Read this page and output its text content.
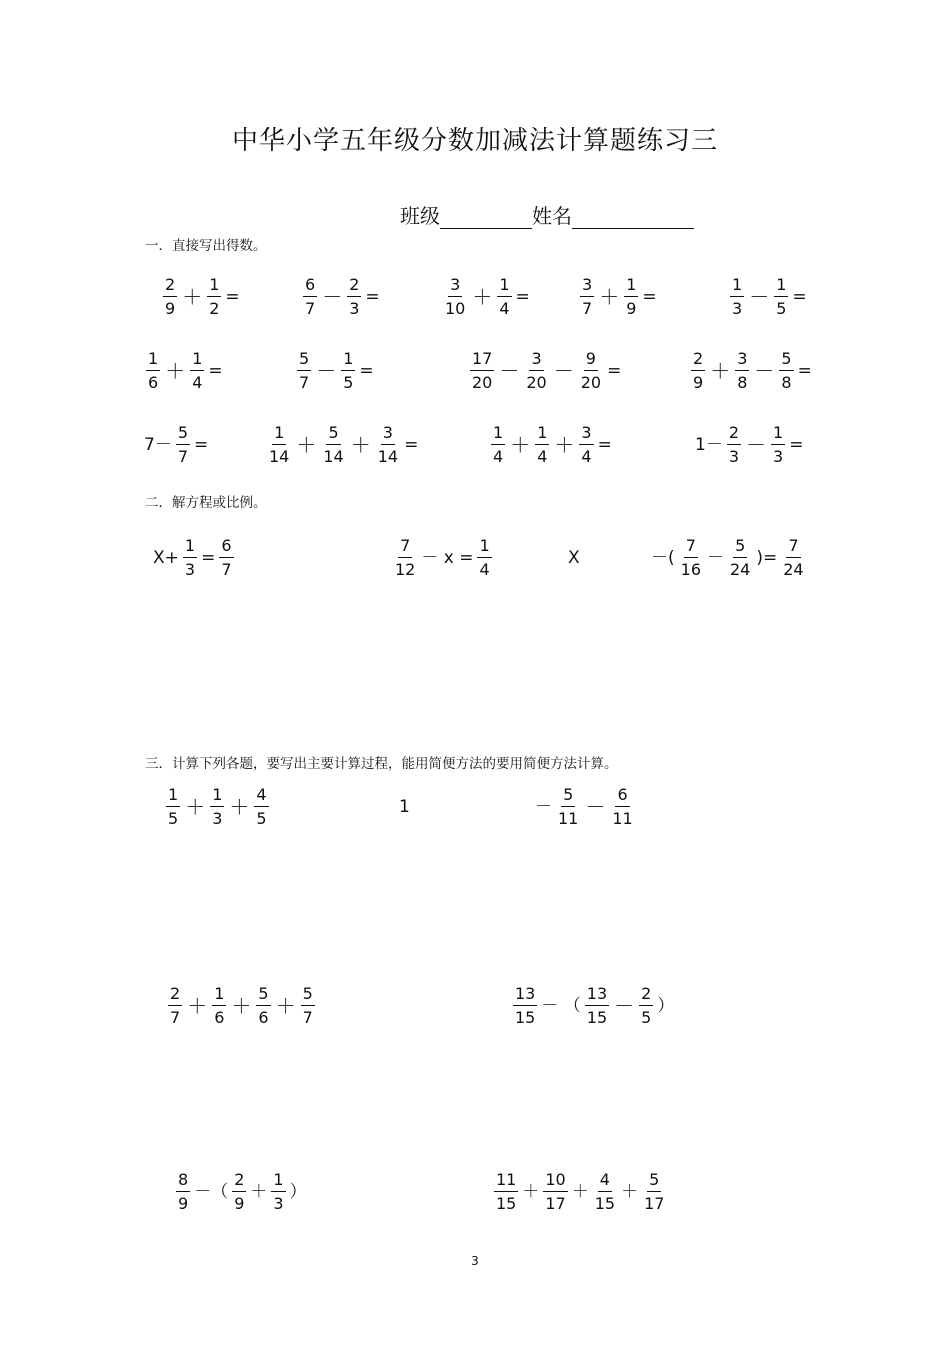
中华小学五年级分数加减法计算题练习三
班级	姓名
一．直接写出得数。
二．解方程或比例。
三．计算下列各题，要写出主要计算过程，能用简便方法的要用简便方法计算。
$\frac{2}{9} + \frac{1}{2}$ =	$\frac{6}{7} - \frac{2}{3}$ =	$\frac{3}{10} + \frac{1}{4}$ =	$\frac{3}{7} + \frac{1}{9}$ =	$\frac{1}{3} - \frac{1}{5}$ =
$\frac{1}{6} + \frac{1}{4}$ =	$\frac{5}{7} - \frac{1}{5}$ =	$\frac{17}{20} - \frac{3}{20} - \frac{9}{20}$ =	$\frac{2}{9} + \frac{3}{8} - \frac{5}{8}$ =
$7- \frac{5}{7}$ =	$\frac{1}{14} + \frac{5}{14} + \frac{3}{14}$ =	$\frac{1}{4} + \frac{1}{4} + \frac{3}{4}$ =	$1- \frac{2}{3} - \frac{1}{3}$ =
$X+ \frac{1}{3} = \frac{6}{7}$	$\frac{7}{12} - x = \frac{1}{4}$	X	－( $\frac{7}{16} - \frac{5}{24}$ )= $\frac{7}{24}$
$\frac{1}{5} + \frac{1}{3} + \frac{4}{5}$	1	－ $\frac{5}{11} - \frac{6}{11}$
$\frac{2}{7} + \frac{1}{6} + \frac{5}{6} + \frac{5}{7}$	$\frac{13}{15}$ － （ $\frac{13}{15} - \frac{2}{5}$ ）
$\frac{8}{9}$ －（ $\frac{2}{9} + \frac{1}{3}$ ）	$\frac{11}{15} + \frac{10}{17} + \frac{4}{15} + \frac{5}{17}$
3
